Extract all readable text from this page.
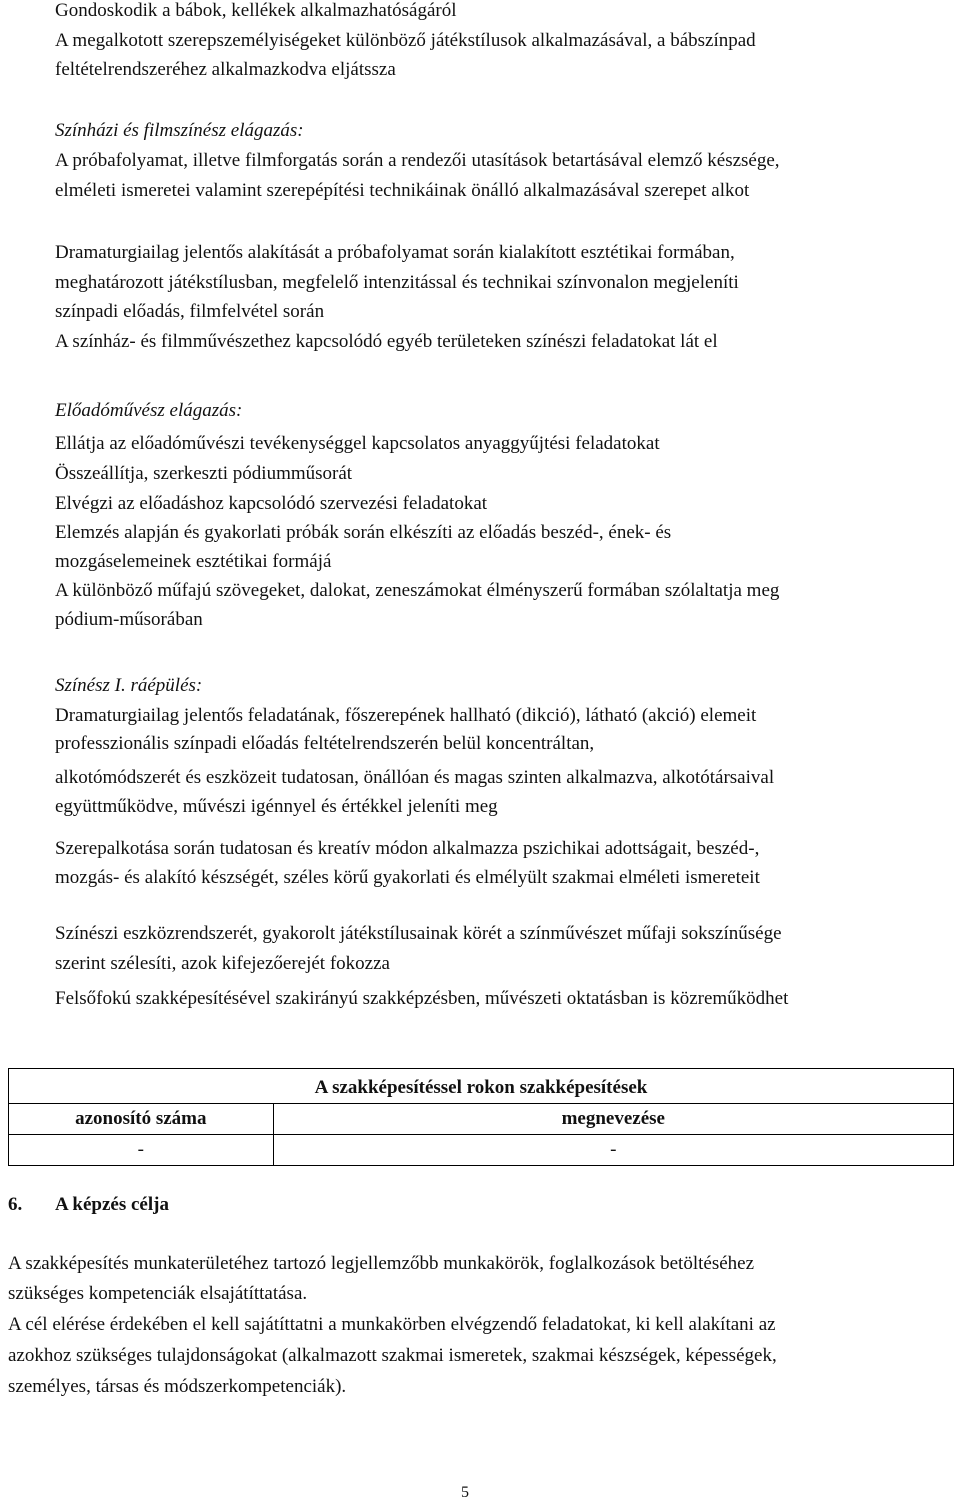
Gondoskodik a bábok, kellékek alkalmazhatóságáról
A megalkotott szerepszemélyiségeket különböző játékstílusok alkalmazásával, a bábszínpad
feltételrendszeréhez alkalmazkodva eljátssza
Színházi és filmszínész elágazás:
A próbafolyamat, illetve filmforgatás során a rendezői utasítások betartásával elemző készsége,
elméleti ismeretei valamint szerepépítési technikáinak önálló alkalmazásával szerepet alkot
Dramaturgiailag jelentős alakítását a próbafolyamat során kialakított esztétikai formában,
meghatározott játékstílusban, megfelelő intenzitással és technikai színvonalon megjeleníti
színpadi előadás, filmfelvétel során
A színház- és filmművészethez kapcsolódó egyéb területeken színészi feladatokat lát el
Előadóművész elágazás:
Ellátja az előadóművészi tevékenységgel kapcsolatos anyaggyűjtési feladatokat
Összeállítja, szerkeszti pódiumműsorát
Elvégzi az előadáshoz kapcsolódó szervezési feladatokat
Elemzés alapján és gyakorlati próbák során elkészíti az előadás beszéd-, ének- és
mozgáselemeinek esztétikai formájá
A különböző műfajú szövegeket, dalokat, zeneszámokat élményszerű formában szólaltatja meg
pódium-műsorában
Színész I. ráépülés:
Dramaturgiailag jelentős feladatának, főszerepének hallható (dikció), látható (akció) elemeit
professzionális színpadi előadás feltételrendszerén belül koncentráltan,
alkotómódszerét és eszközeit tudatosan, önállóan és magas szinten alkalmazva, alkotótársaival
együttműködve, művészi igénnyel és értékkel jeleníti meg
Szerepalkotása során tudatosan és kreatív módon alkalmazza pszichikai adottságait, beszéd-,
mozgás- és alakító készségét, széles körű gyakorlati és elmélyült szakmai elméleti ismereteit
Színészi eszközrendszerét, gyakorolt játékstílusainak körét a színművészet műfaji sokszínűsége
szerint szélesíti, azok kifejezőerejét fokozza
Felsőfokú szakképesítésével szakirányú szakképzésben, művészeti oktatásban is közreműködhet
A szakképesítéssel rokon szakképesítések	
azonosító száma	megnevezése
-	-
6. A képzés célja
A szakképesítés munkaterületéhez tartozó legjellemzőbb munkakörök, foglalkozások betöltéséhez
szükséges kompetenciák elsajátíttatása.
A cél elérése érdekében el kell sajátíttatni a munkakörben elvégzendő feladatokat, ki kell alakítani az
azokhoz szükséges tulajdonságokat (alkalmazott szakmai ismeretek, szakmai készségek, képességek,
személyes, társas és módszerkompetenciák).
5
